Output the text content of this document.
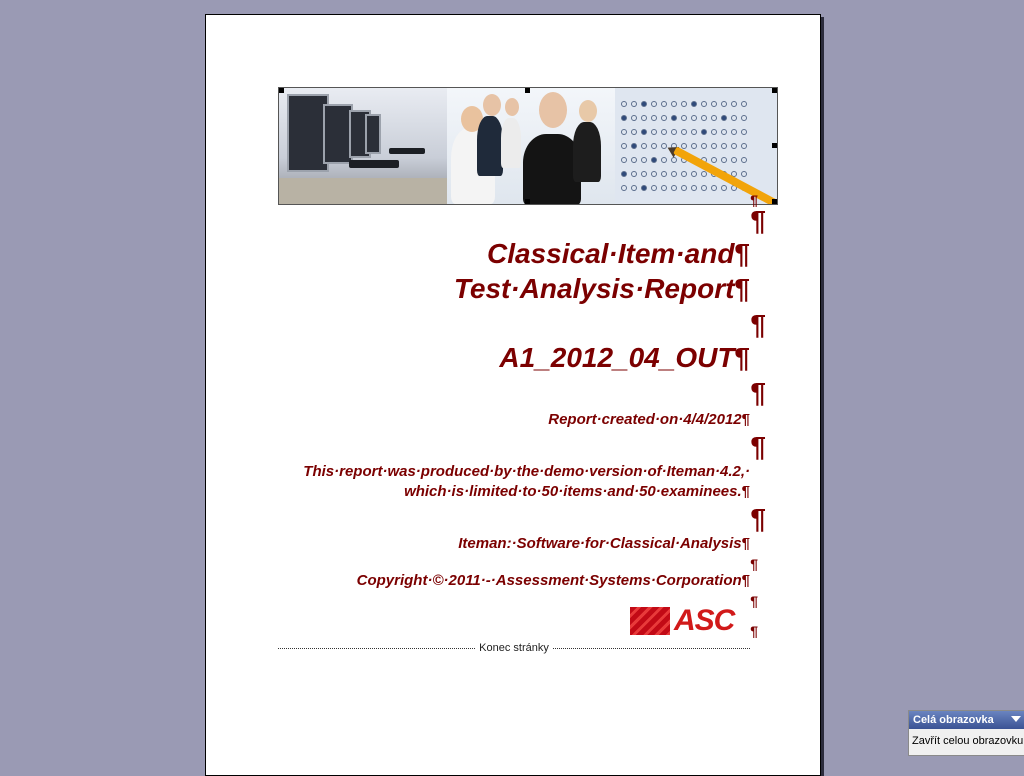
¶
¶
Classical·Item·and¶
Test·Analysis·Report¶
¶
A1_2012_04_OUT¶
¶
Report·created·on·4/4/2012¶
¶
This·report·was·produced·by·the·demo·version·of·Iteman·4.2,·
which·is·limited·to·50·items·and·50·examinees.¶
¶
Iteman:·Software·for·Classical·Analysis¶
¶
Copyright·©·2011·-·Assessment·Systems·Corporation¶
¶
ASC ¶
Konec stránky
Celá obrazovka
Zavřít celou obrazovku
